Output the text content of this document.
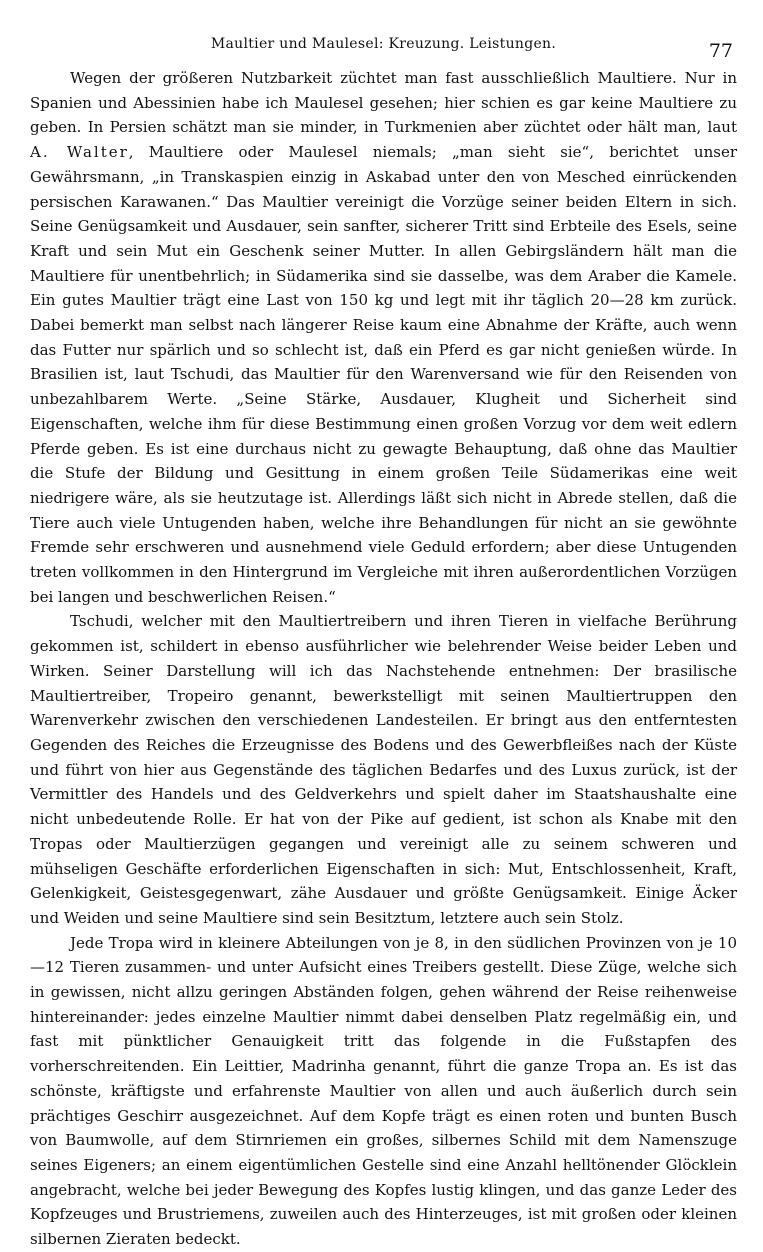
Maultier und Maulesel: Kreuzung. Leistungen.	77

Wegen der größeren Nutzbarkeit züchtet man fast ausschließlich Maultiere. Nur in Spanien und Abessinien habe ich Maulesel gesehen; hier schien es gar keine Maultiere zu geben. In Persien schätzt man sie minder, in Turkmenien aber züchtet oder hält man, laut A. Walter, Maultiere oder Maulesel niemals; „man sieht sie“, berichtet unser Gewährsmann, „in Transkaspien einzig in Askabad unter den von Mesched einrückenden persischen Karawanen.“ Das Maultier vereinigt die Vorzüge seiner beiden Eltern in sich. Seine Genügsamkeit und Ausdauer, sein sanfter, sicherer Tritt sind Erbteile des Esels, seine Kraft und sein Mut ein Geschenk seiner Mutter. In allen Gebirgsländern hält man die Maultiere für unentbehrlich; in Südamerika sind sie dasselbe, was dem Araber die Kamele. Ein gutes Maultier trägt eine Last von 150 kg und legt mit ihr täglich 20—28 km zurück. Dabei bemerkt man selbst nach längerer Reise kaum eine Abnahme der Kräfte, auch wenn das Futter nur spärlich und so schlecht ist, daß ein Pferd es gar nicht genießen würde. In Brasilien ist, laut Tschudi, das Maultier für den Warenversand wie für den Reisenden von unbezahlbarem Werte. „Seine Stärke, Ausdauer, Klugheit und Sicherheit sind Eigenschaften, welche ihm für diese Bestimmung einen großen Vorzug vor dem weit edlern Pferde geben. Es ist eine durchaus nicht zu gewagte Behauptung, daß ohne das Maultier die Stufe der Bildung und Gesittung in einem großen Teile Südamerikas eine weit niedrigere wäre, als sie heutzutage ist. Allerdings läßt sich nicht in Abrede stellen, daß die Tiere auch viele Untugenden haben, welche ihre Behandlungen für nicht an sie gewöhnte Fremde sehr erschweren und ausnehmend viele Geduld erfordern; aber diese Untugenden treten vollkommen in den Hintergrund im Vergleiche mit ihren außerordentlichen Vorzügen bei langen und beschwerlichen Reisen.“

Tschudi, welcher mit den Maultiertreibern und ihren Tieren in vielfache Berührung gekommen ist, schildert in ebenso ausführlicher wie belehrender Weise beider Leben und Wirken. Seiner Darstellung will ich das Nachstehende entnehmen: Der brasilische Maultiertreiber, Tropeiro genannt, bewerkstelligt mit seinen Maultiertruppen den Warenverkehr zwischen den verschiedenen Landesteilen. Er bringt aus den entferntesten Gegenden des Reiches die Erzeugnisse des Bodens und des Gewerbfleißes nach der Küste und führt von hier aus Gegenstände des täglichen Bedarfes und des Luxus zurück, ist der Vermittler des Handels und des Geldverkehrs und spielt daher im Staatshaushalte eine nicht unbedeutende Rolle. Er hat von der Pike auf gedient, ist schon als Knabe mit den Tropas oder Maultierzügen gegangen und vereinigt alle zu seinem schweren und mühseligen Geschäfte erforderlichen Eigenschaften in sich: Mut, Entschlossenheit, Kraft, Gelenkigkeit, Geistesgegenwart, zähe Ausdauer und größte Genügsamkeit. Einige Äcker und Weiden und seine Maultiere sind sein Besitztum, letztere auch sein Stolz.

Jede Tropa wird in kleinere Abteilungen von je 8, in den südlichen Provinzen von je 10—12 Tieren zusammen- und unter Aufsicht eines Treibers gestellt. Diese Züge, welche sich in gewissen, nicht allzu geringen Abständen folgen, gehen während der Reise reihenweise hintereinander: jedes einzelne Maultier nimmt dabei denselben Platz regelmäßig ein, und fast mit pünktlicher Genauigkeit tritt das folgende in die Fußstapfen des vorherschreitenden. Ein Leittier, Madrinha genannt, führt die ganze Tropa an. Es ist das schönste, kräftigste und erfahrenste Maultier von allen und auch äußerlich durch sein prächtiges Geschirr ausgezeichnet. Auf dem Kopfe trägt es einen roten und bunten Busch von Baumwolle, auf dem Stirnriemen ein großes, silbernes Schild mit dem Namenszuge seines Eigeners; an einem eigentümlichen Gestelle sind eine Anzahl helltönender Glöcklein angebracht, welche bei jeder Bewegung des Kopfes lustig klingen, und das ganze Leder des Kopfzeuges und Brustriemens, zuweilen auch des Hinterzeuges, ist mit großen oder kleinen silbernen Zieraten bedeckt.
